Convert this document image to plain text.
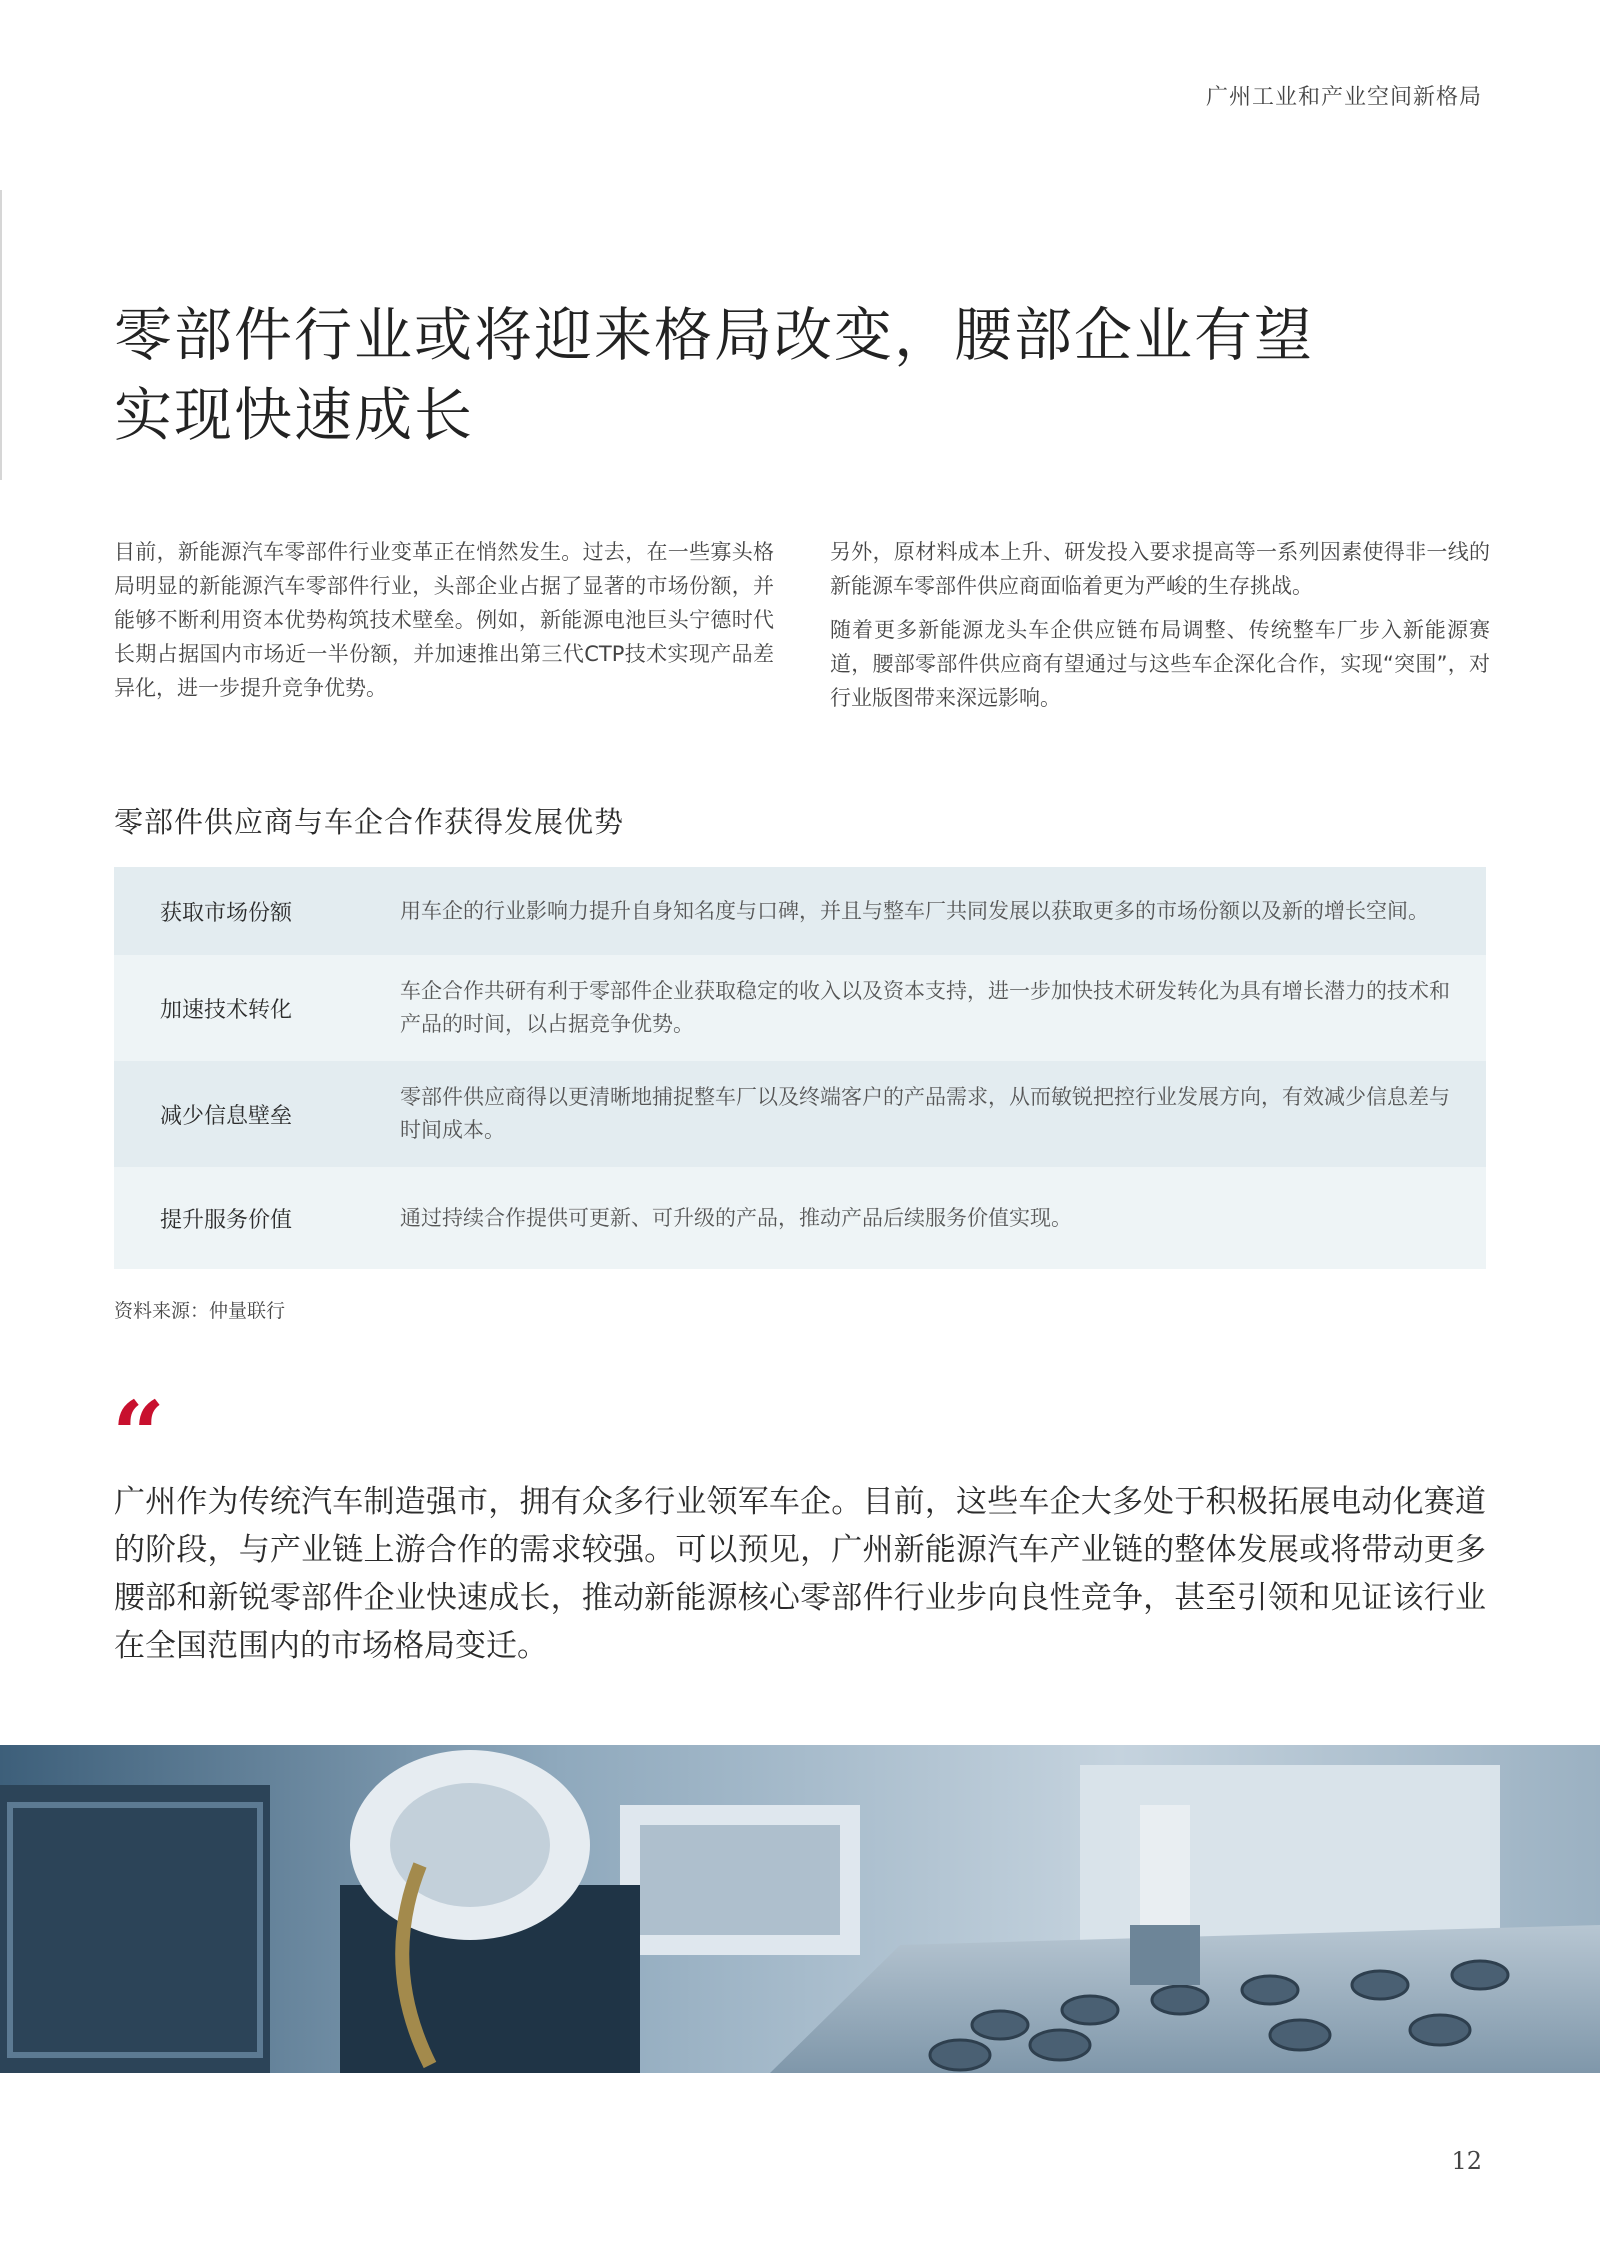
广州工业和产业空间新格局
零部件行业或将迎来格局改变，腰部企业有望
实现快速成长

目前，新能源汽车零部件行业变革正在悄然发生。过去，在一些寡头格局明显的新能源汽车零部件行业，头部企业占据了显著的市场份额，并能够不断利用资本优势构筑技术壁垒。例如，新能源电池巨头宁德时代长期占据国内市场近一半份额，并加速推出第三代CTP技术实现产品差异化，进一步提升竞争优势。

另外，原材料成本上升、研发投入要求提高等一系列因素使得非一线的新能源车零部件供应商面临着更为严峻的生存挑战。

随着更多新能源龙头车企供应链布局调整、传统整车厂步入新能源赛道，腰部零部件供应商有望通过与这些车企深化合作，实现“突围”，对行业版图带来深远影响。

零部件供应商与车企合作获得发展优势
获取市场份额	用车企的行业影响力提升自身知名度与口碑，并且与整车厂共同发展以获取更多的市场份额以及新的增长空间。
加速技术转化
车企合作共研有利于零部件企业获取稳定的收入以及资本支持，进一步加快技术研发转化为具有增长潜力的技术和产品的时间，以占据竞争优势。
减少信息壁垒
零部件供应商得以更清晰地捕捉整车厂以及终端客户的产品需求，从而敏锐把控行业发展方向，有效减少信息差与时间成本。
提升服务价值	通过持续合作提供可更新、可升级的产品，推动产品后续服务价值实现。
资料来源：仲量联行
“
广州作为传统汽车制造强市，拥有众多行业领军车企。目前，这些车企大多处于积极拓展电动化赛道的阶段，与产业链上游合作的需求较强。可以预见，广州新能源汽车产业链的整体发展或将带动更多腰部和新锐零部件企业快速成长，推动新能源核心零部件行业步向良性竞争，甚至引领和见证该行业在全国范围内的市场格局变迁。
12
